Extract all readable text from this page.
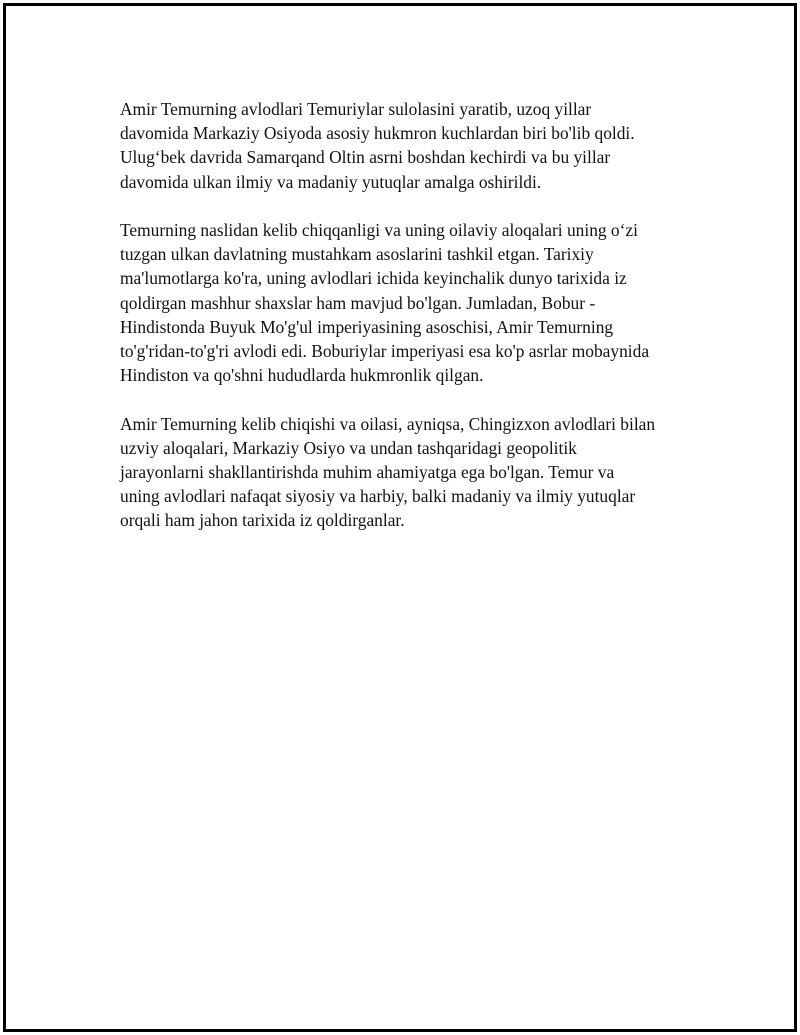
Amir Temurning avlodlari Temuriylar sulolasini yaratib, uzoq yillar
davomida Markaziy Osiyoda asosiy hukmron kuchlardan biri bo'lib qoldi.
Ulug‘bek davrida Samarqand Oltin asrni boshdan kechirdi va bu yillar
davomida ulkan ilmiy va madaniy yutuqlar amalga oshirildi.

Temurning naslidan kelib chiqqanligi va uning oilaviy aloqalari uning o‘zi
tuzgan ulkan davlatning mustahkam asoslarini tashkil etgan. Tarixiy
ma'lumotlarga ko'ra, uning avlodlari ichida keyinchalik dunyo tarixida iz
qoldirgan mashhur shaxslar ham mavjud bo'lgan. Jumladan, Bobur -
Hindistonda Buyuk Mo'g'ul imperiyasining asoschisi, Amir Temurning
to'g'ridan-to'g'ri avlodi edi. Boburiylar imperiyasi esa ko'p asrlar mobaynida
Hindiston va qo'shni hududlarda hukmronlik qilgan.

Amir Temurning kelib chiqishi va oilasi, ayniqsa, Chingizxon avlodlari bilan
uzviy aloqalari, Markaziy Osiyo va undan tashqaridagi geopolitik
jarayonlarni shakllantirishda muhim ahamiyatga ega bo'lgan. Temur va
uning avlodlari nafaqat siyosiy va harbiy, balki madaniy va ilmiy yutuqlar
orqali ham jahon tarixida iz qoldirganlar.
